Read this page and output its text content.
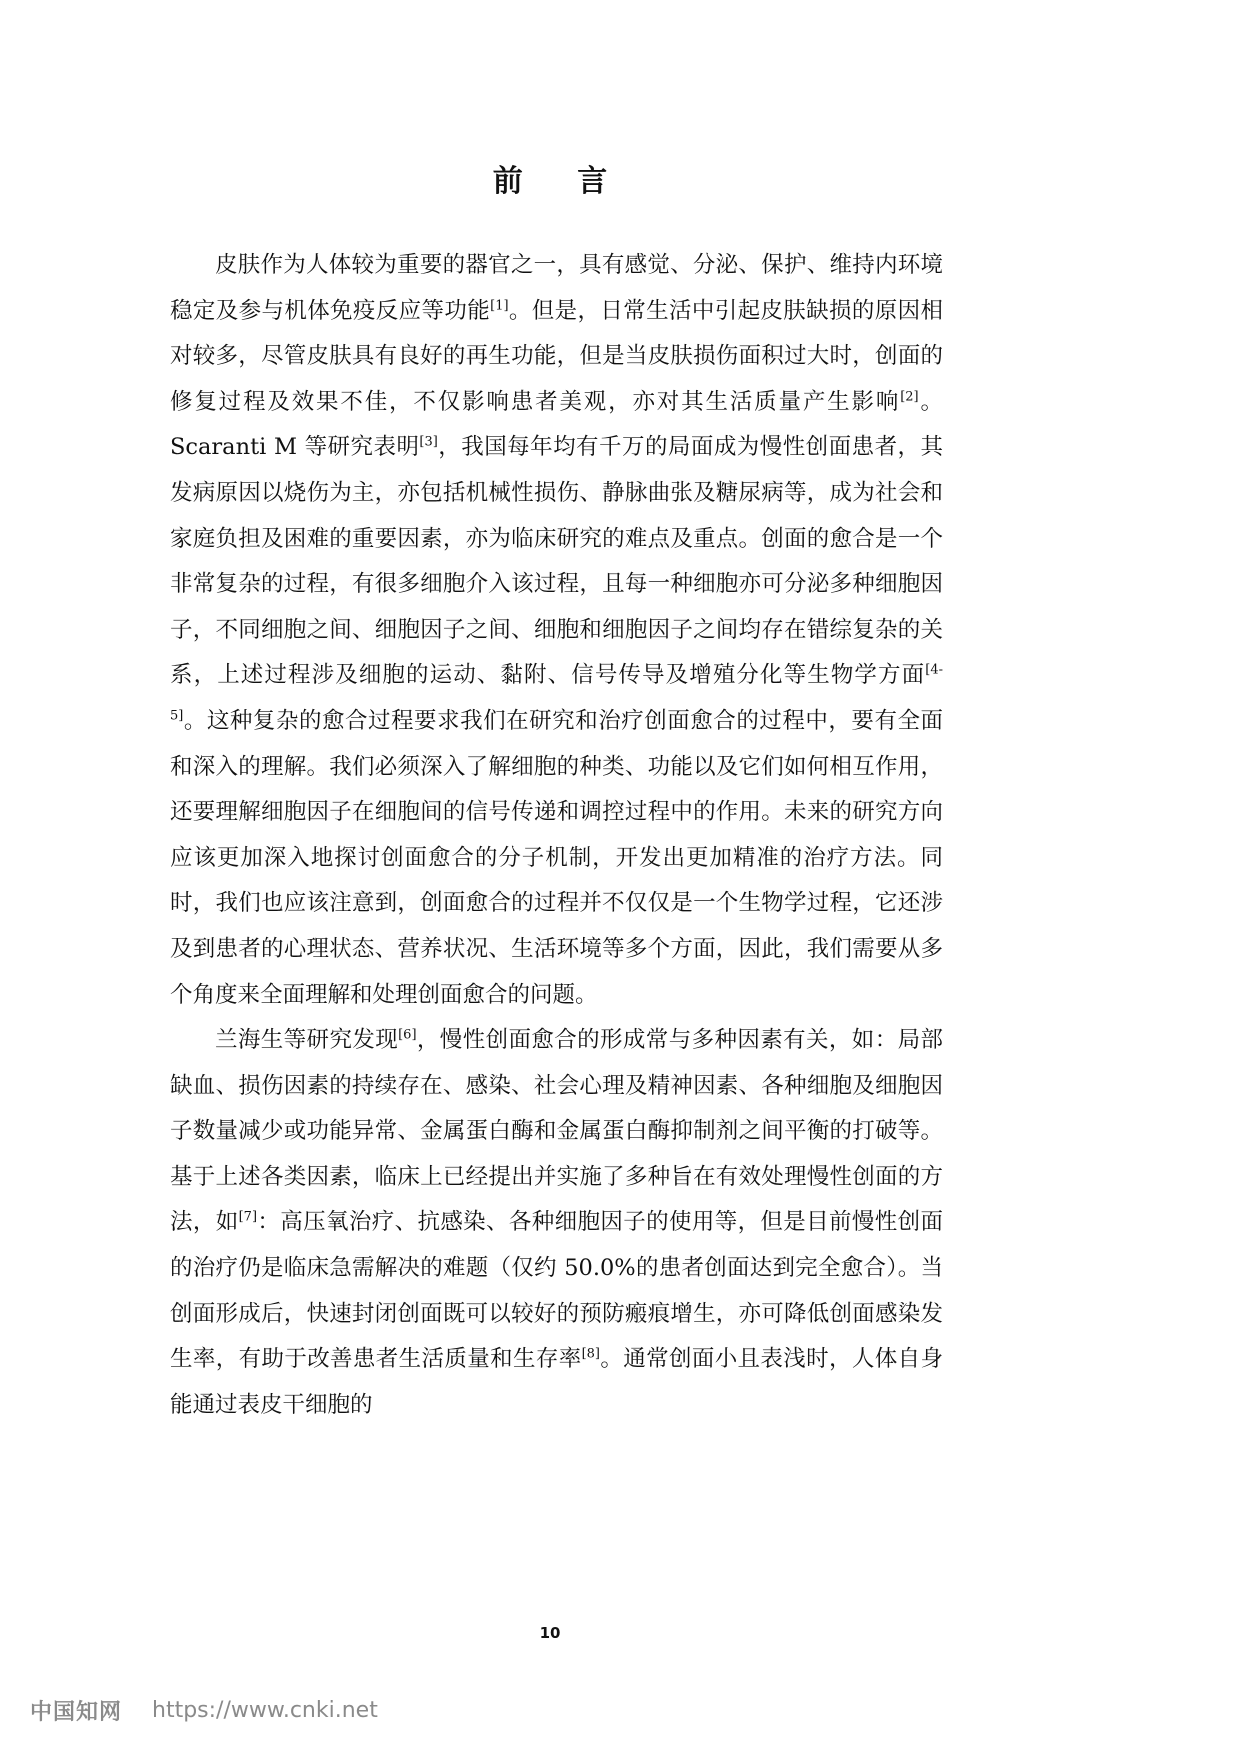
前 言

皮肤作为人体较为重要的器官之一，具有感觉、分泌、保护、维持内环境稳定及参与机体免疫反应等功能[1]。但是，日常生活中引起皮肤缺损的原因相对较多，尽管皮肤具有良好的再生功能，但是当皮肤损伤面积过大时，创面的修复过程及效果不佳，不仅影响患者美观，亦对其生活质量产生影响[2]。Scaranti M 等研究表明[3]，我国每年均有千万的局面成为慢性创面患者，其发病原因以烧伤为主，亦包括机械性损伤、静脉曲张及糖尿病等，成为社会和家庭负担及困难的重要因素，亦为临床研究的难点及重点。创面的愈合是一个非常复杂的过程，有很多细胞介入该过程，且每一种细胞亦可分泌多种细胞因子，不同细胞之间、细胞因子之间、细胞和细胞因子之间均存在错综复杂的关系，上述过程涉及细胞的运动、黏附、信号传导及增殖分化等生物学方面[4-5]。这种复杂的愈合过程要求我们在研究和治疗创面愈合的过程中，要有全面和深入的理解。我们必须深入了解细胞的种类、功能以及它们如何相互作用，还要理解细胞因子在细胞间的信号传递和调控过程中的作用。未来的研究方向应该更加深入地探讨创面愈合的分子机制，开发出更加精准的治疗方法。同时，我们也应该注意到，创面愈合的过程并不仅仅是一个生物学过程，它还涉及到患者的心理状态、营养状况、生活环境等多个方面，因此，我们需要从多个角度来全面理解和处理创面愈合的问题。

兰海生等研究发现[6]，慢性创面愈合的形成常与多种因素有关，如：局部缺血、损伤因素的持续存在、感染、社会心理及精神因素、各种细胞及细胞因子数量减少或功能异常、金属蛋白酶和金属蛋白酶抑制剂之间平衡的打破等。基于上述各类因素，临床上已经提出并实施了多种旨在有效处理慢性创面的方法，如[7]：高压氧治疗、抗感染、各种细胞因子的使用等，但是目前慢性创面的治疗仍是临床急需解决的难题（仅约 50.0%的患者创面达到完全愈合）。当创面形成后，快速封闭创面既可以较好的预防瘢痕增生，亦可降低创面感染发生率，有助于改善患者生活质量和生存率[8]。通常创面小且表浅时，人体自身能通过表皮干细胞的

10
中国知网 https://www.cnki.net
